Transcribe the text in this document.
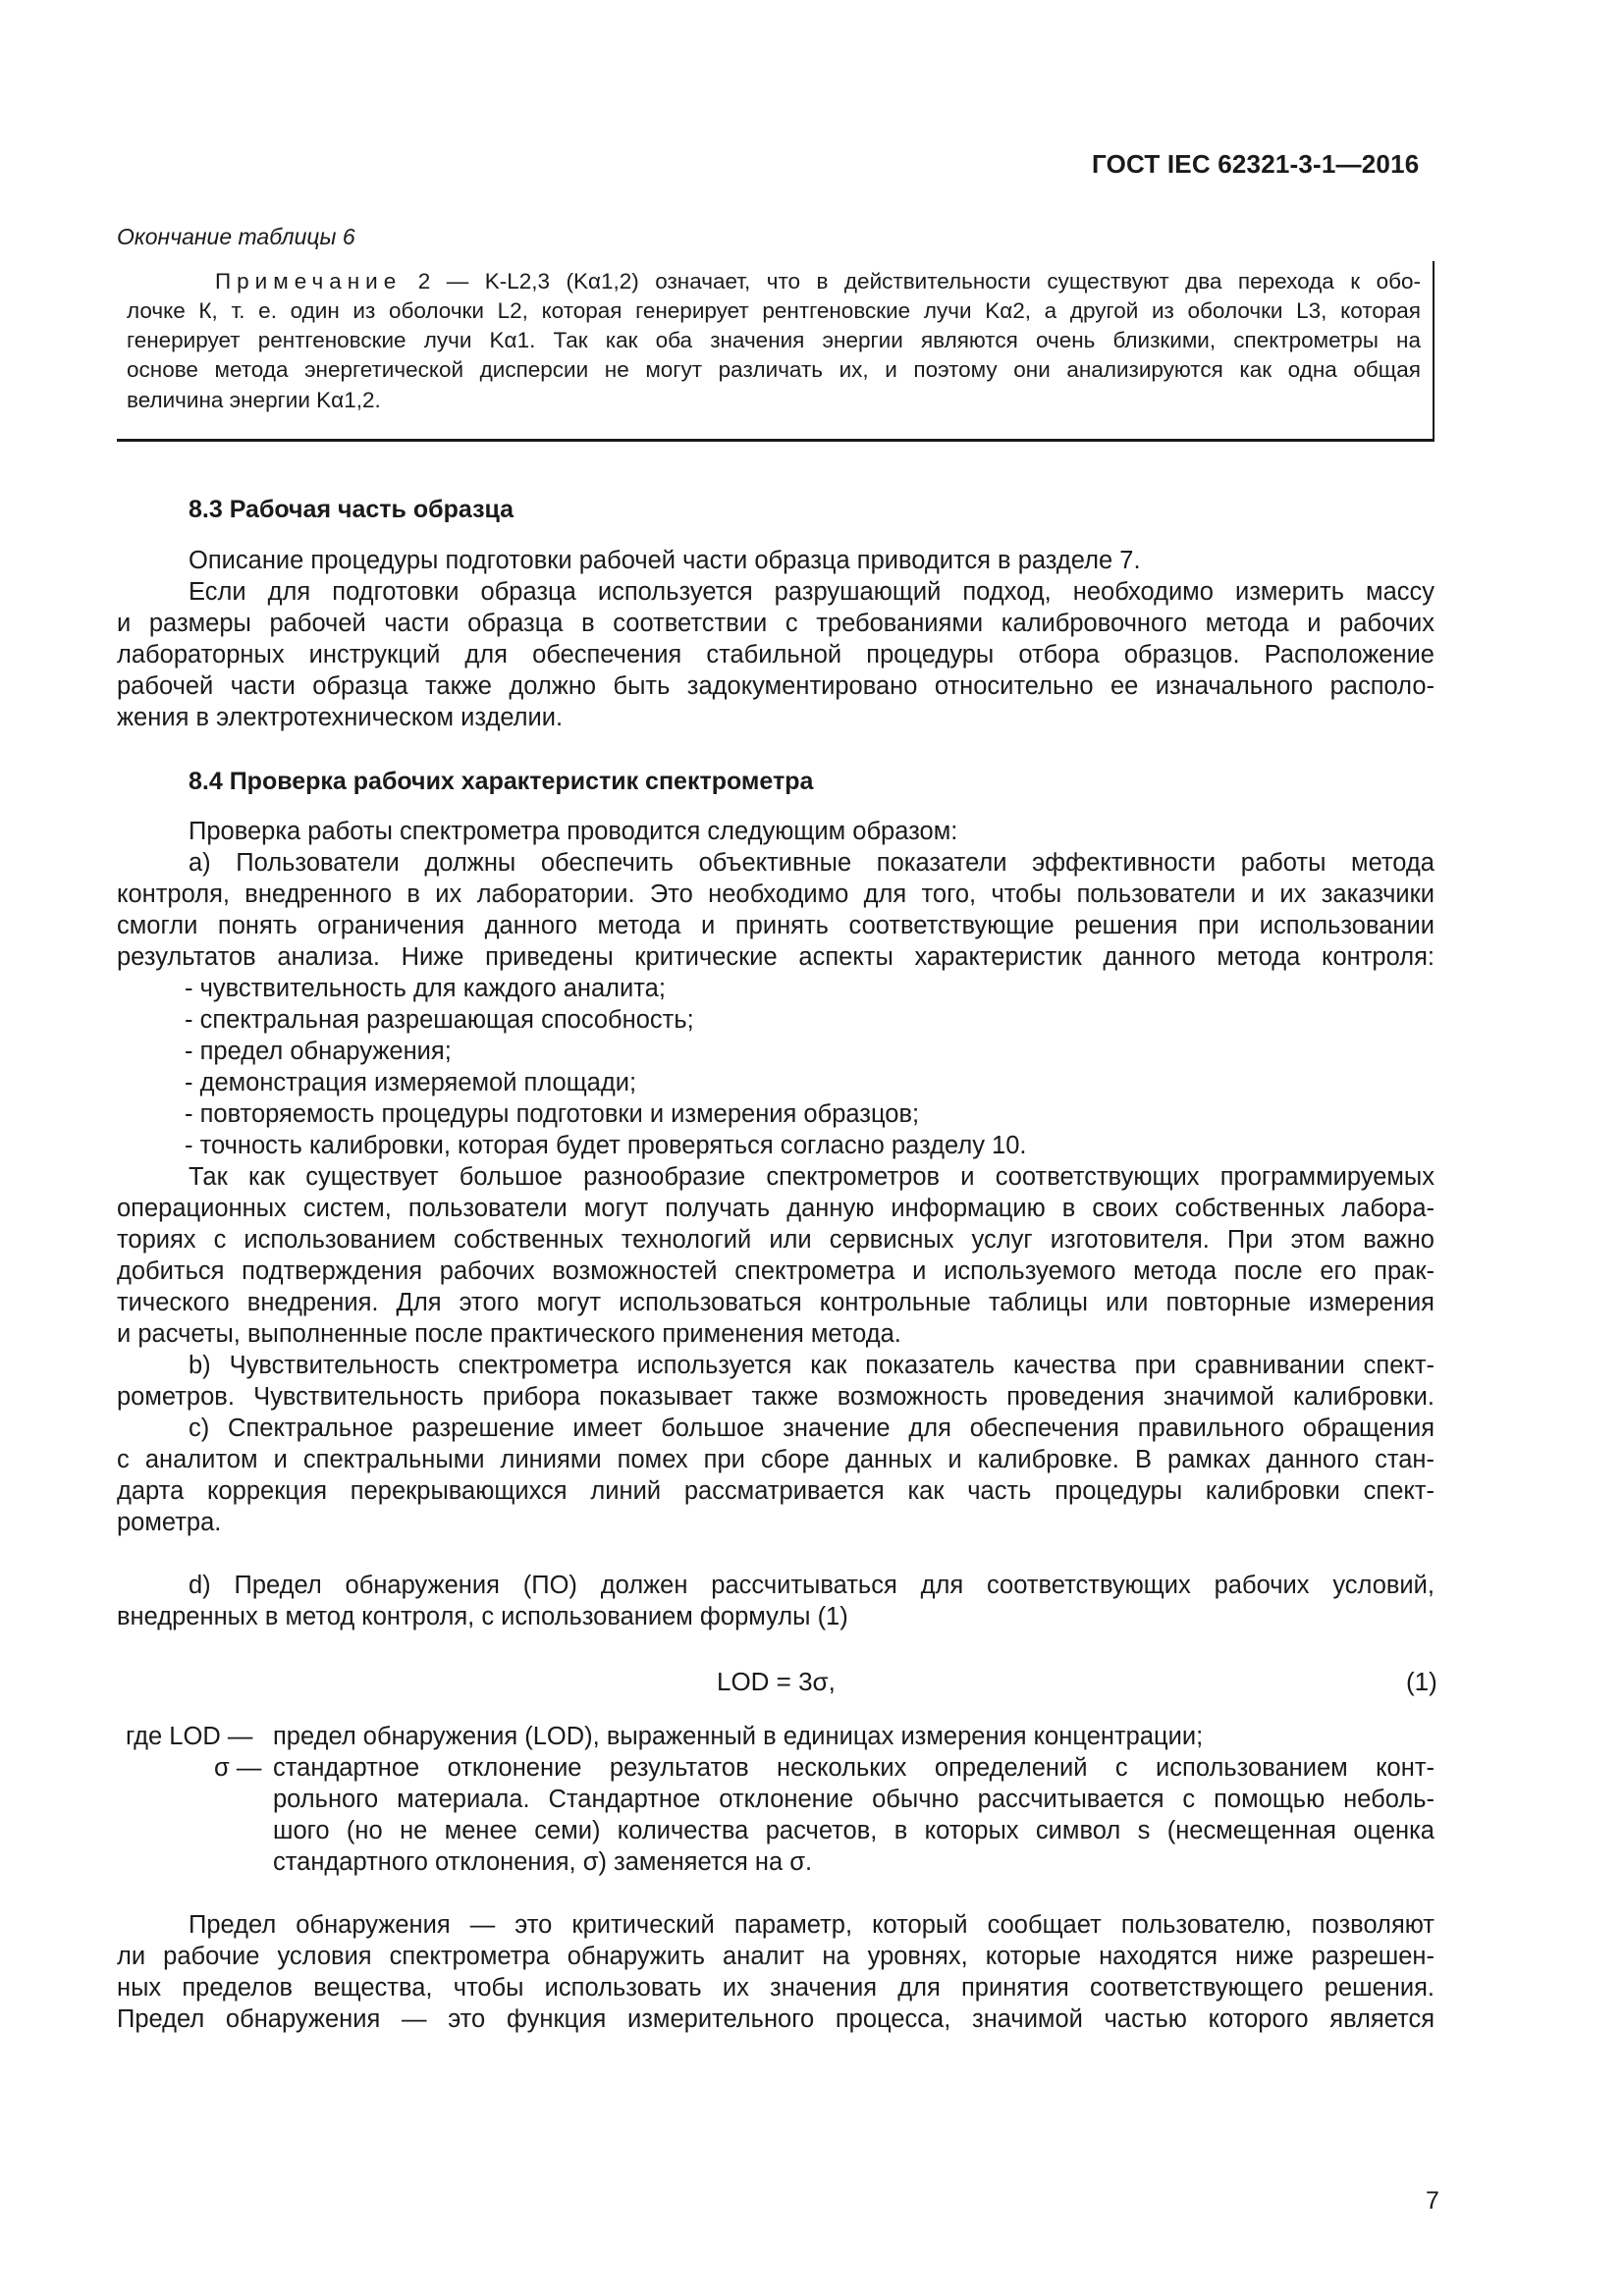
ГОСТ IEC 62321-3-1—2016
Окончание таблицы 6
Примечание 2 — K-L2,3 (Kα1,2) означает, что в действительности существуют два перехода к обо-
лочке К, т. е. один из оболочки L2, которая генерирует рентгеновские лучи Kα2, а другой из оболочки L3, которая
генерирует рентгеновские лучи Kα1. Так как оба значения энергии являются очень близкими, спектрометры на
основе метода энергетической дисперсии не могут различать их, и поэтому они анализируются как одна общая
величина энергии Kα1,2.
8.3 Рабочая часть образца
Описание процедуры подготовки рабочей части образца приводится в разделе 7.
Если для подготовки образца используется разрушающий подход, необходимо измерить массу
и размеры рабочей части образца в соответствии с требованиями калибровочного метода и рабочих
лабораторных инструкций для обеспечения стабильной процедуры отбора образцов. Расположение
рабочей части образца также должно быть задокументировано относительно ее изначального располо-
жения в электротехническом изделии.
8.4 Проверка рабочих характеристик спектрометра
Проверка работы спектрометра проводится следующим образом:
a) Пользователи должны обеспечить объективные показатели эффективности работы метода
контроля, внедренного в их лаборатории. Это необходимо для того, чтобы пользователи и их заказчики
смогли понять ограничения данного метода и принять соответствующие решения при использовании
результатов анализа. Ниже приведены критические аспекты характеристик данного метода контроля:
- чувствительность для каждого аналита;
- спектральная разрешающая способность;
- предел обнаружения;
- демонстрация измеряемой площади;
- повторяемость процедуры подготовки и измерения образцов;
- точность калибровки, которая будет проверяться согласно разделу 10.
Так как существует большое разнообразие спектрометров и соответствующих программируемых
операционных систем, пользователи могут получать данную информацию в своих собственных лабора-
ториях с использованием собственных технологий или сервисных услуг изготовителя. При этом важно
добиться подтверждения рабочих возможностей спектрометра и используемого метода после его прак-
тического внедрения. Для этого могут использоваться контрольные таблицы или повторные измерения
и расчеты, выполненные после практического применения метода.
b) Чувствительность спектрометра используется как показатель качества при сравнивании спект-
рометров. Чувствительность прибора показывает также возможность проведения значимой калибровки.
c) Спектральное разрешение имеет большое значение для обеспечения правильного обращения
с аналитом и спектральными линиями помех при сборе данных и калибровке. В рамках данного стан-
дарта коррекция перекрывающихся линий рассматривается как часть процедуры калибровки спект-
рометра.
d) Предел обнаружения (ПО) должен рассчитываться для соответствующих рабочих условий,
внедренных в метод контроля, с использованием формулы (1)
LOD = 3σ,	(1)
где LOD — предел обнаружения (LOD), выраженный в единицах измерения концентрации;
σ — стандартное отклонение результатов нескольких определений с использованием конт-
рольного материала. Стандартное отклонение обычно рассчитывается с помощью неболь-
шого (но не менее семи) количества расчетов, в которых символ s (несмещенная оценка
стандартного отклонения, σ) заменяется на σ.
Предел обнаружения — это критический параметр, который сообщает пользователю, позволяют
ли рабочие условия спектрометра обнаружить аналит на уровнях, которые находятся ниже разрешен-
ных пределов вещества, чтобы использовать их значения для принятия соответствующего решения.
Предел обнаружения — это функция измерительного процесса, значимой частью которого является
7
